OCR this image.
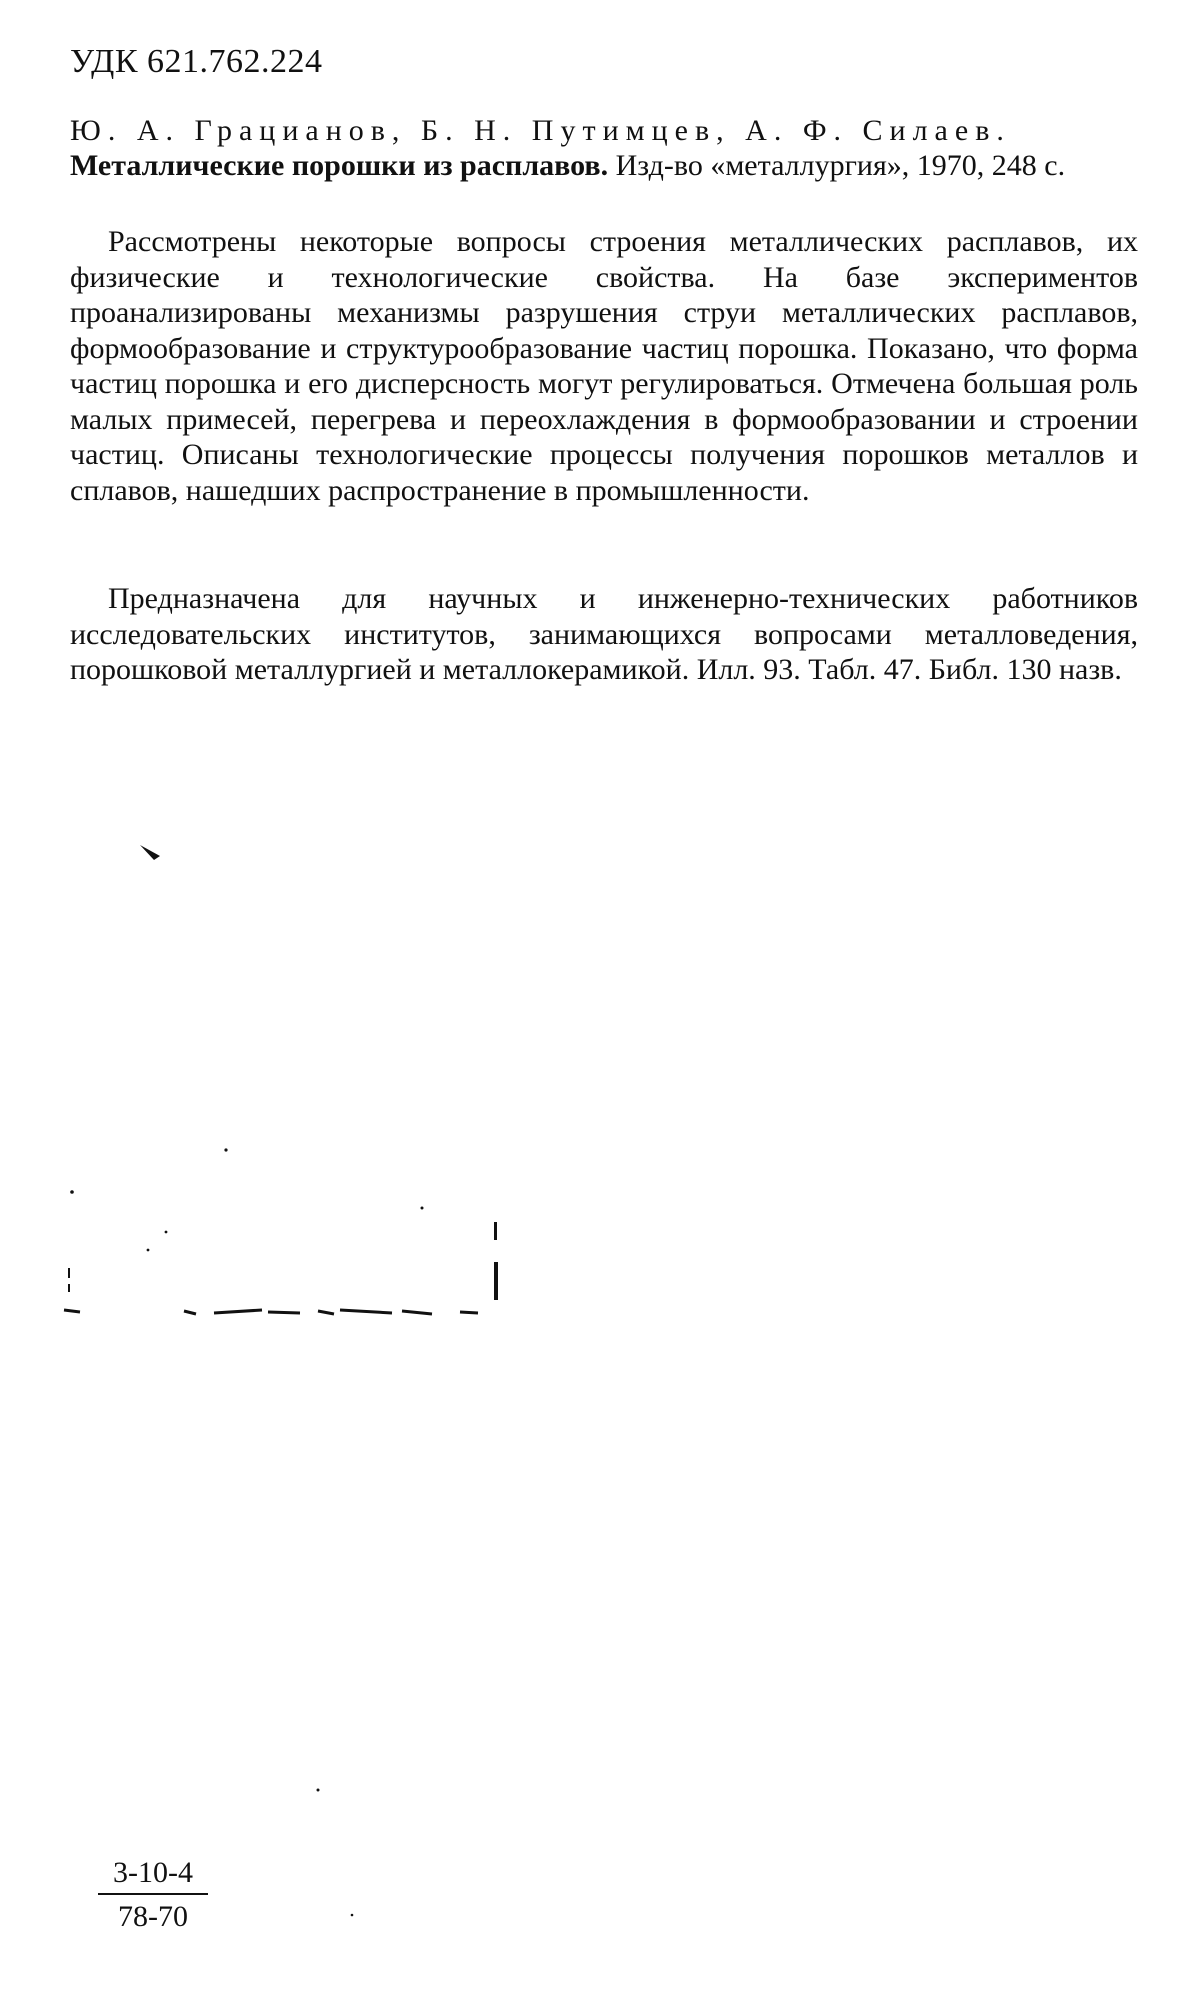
УДК 621.762.224
Ю. А. Грацианов, Б. Н. Путимцев, А. Ф. Силаев. Металлические порошки из расплавов. Изд-во «металлургия», 1970, 248 с.

Рассмотрены некоторые вопросы строения металлических расплавов, их физические и технологические свойства. На базе экспериментов проанализированы механизмы разрушения струи металлических расплавов, формообразование и структурообразование частиц порошка. Показано, что форма частиц порошка и его дисперсность могут регулироваться. Отмечена большая роль малых примесей, перегрева и переохлаждения в формообразовании и строении частиц. Описаны технологические процессы получения порошков металлов и сплавов, нашедших распространение в промышленности.

Предназначена для научных и инженерно-технических работников исследовательских институтов, занимающихся вопросами металловедения, порошковой металлургией и металлокерамикой. Илл. 93. Табл. 47. Библ. 130 назв.

3-10-4
78-70
